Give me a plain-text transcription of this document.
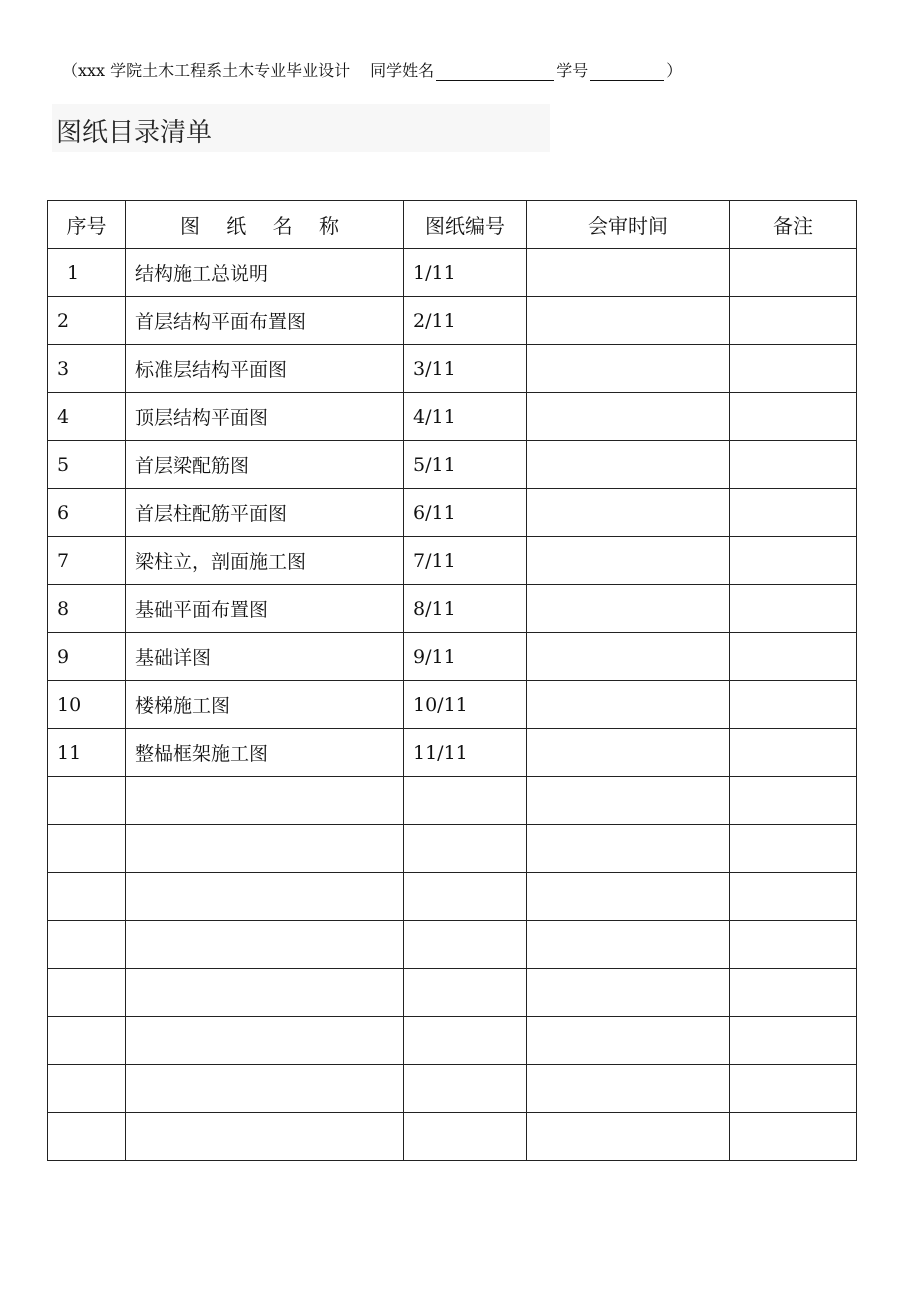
（xxx 学院土木工程系土木专业毕业设计 同学姓名	学号	）
图纸目录清单
序号	图 纸 名 称	图纸编号	会审时间	备注
1	结构施工总说明	1/11		
2	首层结构平面布置图	2/11		
3	标准层结构平面图	3/11		
4	顶层结构平面图	4/11		
5	首层梁配筋图	5/11		
6	首层柱配筋平面图	6/11		
7	梁柱立，剖面施工图	7/11		
8	基础平面布置图	8/11		
9	基础详图	9/11		
10	楼梯施工图	10/11		
11	整榀框架施工图	11/11		
